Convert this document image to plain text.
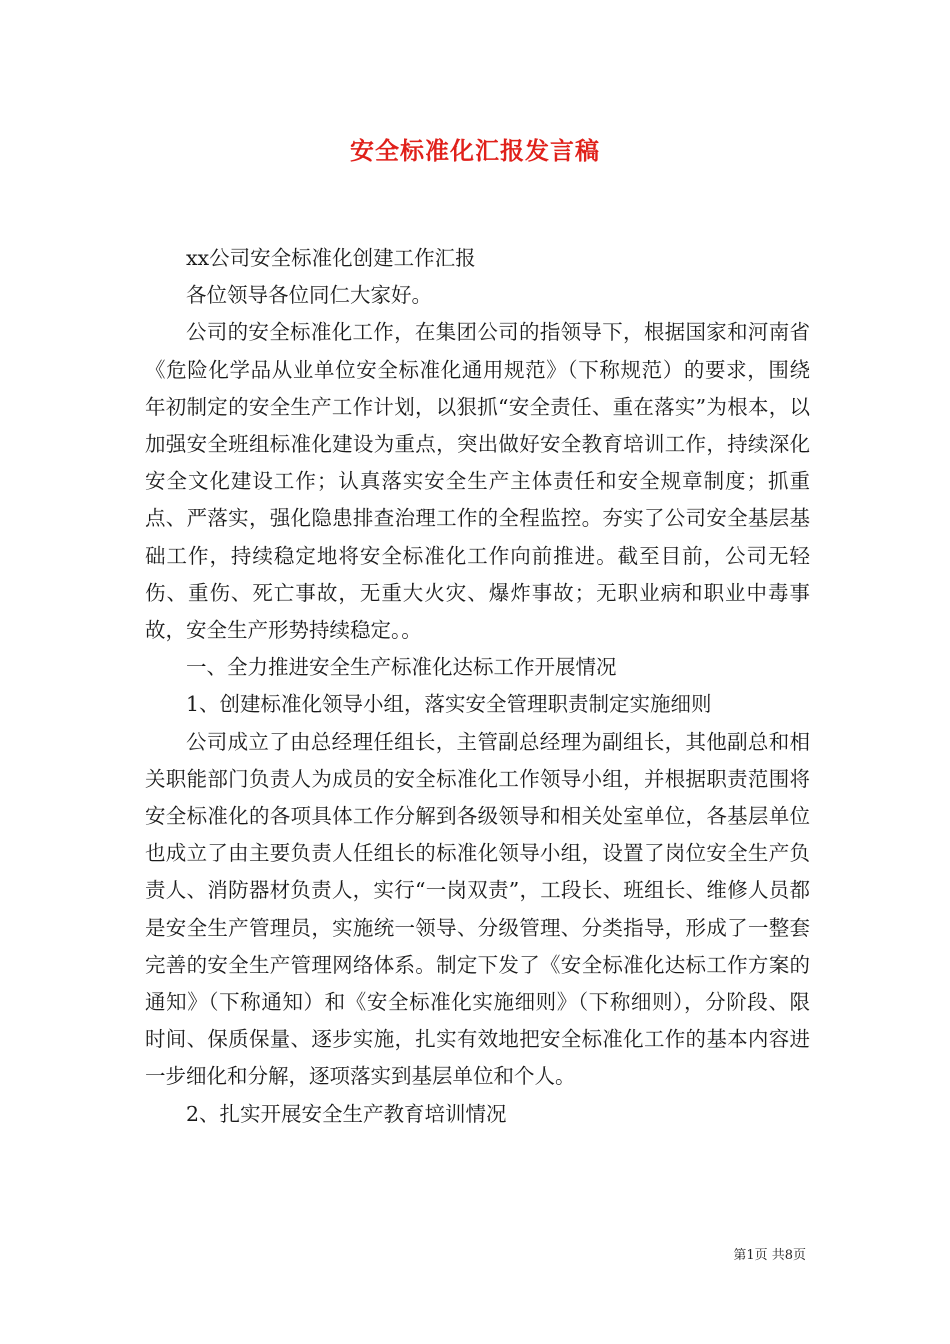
安全标准化汇报发言稿

xx公司安全标准化创建工作汇报

各位领导各位同仁大家好。

公司的安全标准化工作，在集团公司的指领导下，根据国家和河南省《危险化学品从业单位安全标准化通用规范》（下称规范）的要求，围绕年初制定的安全生产工作计划，以狠抓“安全责任、重在落实”为根本，以加强安全班组标准化建设为重点，突出做好安全教育培训工作，持续深化安全文化建设工作；认真落实安全生产主体责任和安全规章制度；抓重点、严落实，强化隐患排查治理工作的全程监控。夯实了公司安全基层基础工作，持续稳定地将安全标准化工作向前推进。截至目前，公司无轻伤、重伤、死亡事故，无重大火灾、爆炸事故；无职业病和职业中毒事故，安全生产形势持续稳定。。

一、全力推进安全生产标准化达标工作开展情况

1、创建标准化领导小组，落实安全管理职责制定实施细则

公司成立了由总经理任组长，主管副总经理为副组长，其他副总和相关职能部门负责人为成员的安全标准化工作领导小组，并根据职责范围将安全标准化的各项具体工作分解到各级领导和相关处室单位，各基层单位也成立了由主要负责人任组长的标准化领导小组，设置了岗位安全生产负责人、消防器材负责人，实行“一岗双责”，工段长、班组长、维修人员都是安全生产管理员，实施统一领导、分级管理、分类指导，形成了一整套完善的安全生产管理网络体系。制定下发了《安全标准化达标工作方案的通知》（下称通知）和《安全标准化实施细则》（下称细则），分阶段、限时间、保质保量、逐步实施，扎实有效地把安全标准化工作的基本内容进一步细化和分解，逐项落实到基层单位和个人。

2、扎实开展安全生产教育培训情况

第1页 共8页
